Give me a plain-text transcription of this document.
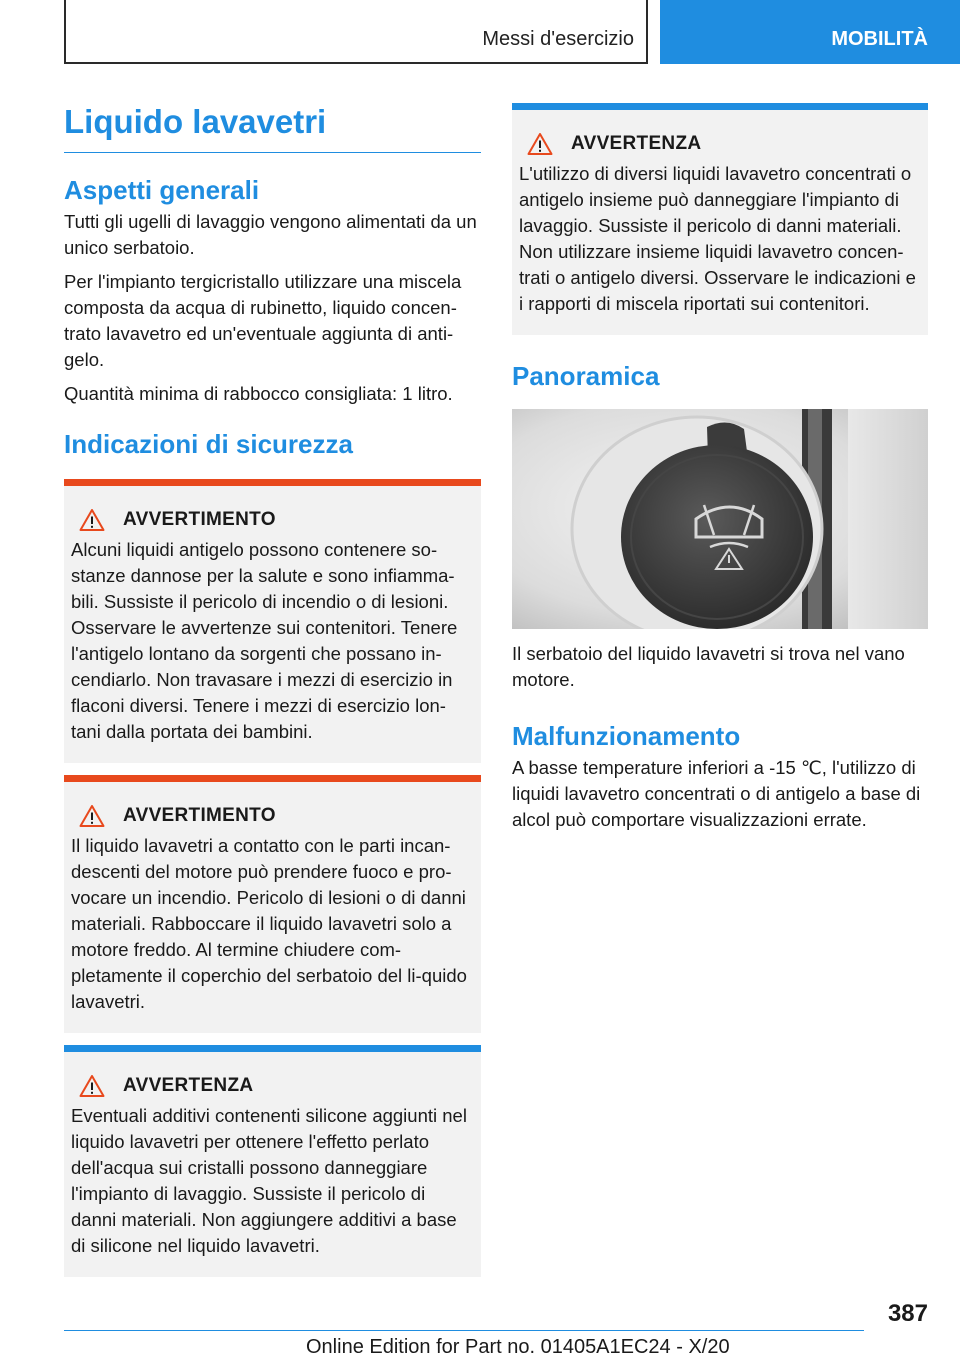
Messi d'esercizio	MOBILITÀ
Liquido lavavetri
Aspetti generali

Tutti gli ugelli di lavaggio vengono alimentati da un unico serbatoio.

Per l'impianto tergicristallo utilizzare una miscela composta da acqua di rubinetto, liquido concen-trato lavavetro ed un'eventuale aggiunta di anti-gelo.

Quantità minima di rabbocco consigliata: 1 litro.

Indicazioni di sicurezza
AVVERTIMENTO

Alcuni liquidi antigelo possono contenere so-stanze dannose per la salute e sono infiamma-bili. Sussiste il pericolo di incendio o di lesioni. Osservare le avvertenze sui contenitori. Tenere l'antigelo lontano da sorgenti che possano in-cendiarlo. Non travasare i mezzi di esercizio in flaconi diversi. Tenere i mezzi di esercizio lon-tani dalla portata dei bambini.

AVVERTIMENTO

Il liquido lavavetri a contatto con le parti incan-descenti del motore può prendere fuoco e pro-vocare un incendio. Pericolo di lesioni o di danni materiali. Rabboccare il liquido lavavetri solo a motore freddo. Al termine chiudere com-pletamente il coperchio del serbatoio del li-quido lavavetri.

AVVERTENZA

Eventuali additivi contenenti silicone aggiunti nel liquido lavavetri per ottenere l'effetto perlato dell'acqua sui cristalli possono danneggiare l'impianto di lavaggio. Sussiste il pericolo di danni materiali. Non aggiungere additivi a base di silicone nel liquido lavavetri.

AVVERTENZA

L'utilizzo di diversi liquidi lavavetro concentrati o antigelo insieme può danneggiare l'impianto di lavaggio. Sussiste il pericolo di danni materiali. Non utilizzare insieme liquidi lavavetro concen-trati o antigelo diversi. Osservare le indicazioni e i rapporti di miscela riportati sui contenitori.

Panoramica

Il serbatoio del liquido lavavetri si trova nel vano motore.

Malfunzionamento

A basse temperature inferiori a -15 ℃, l'utilizzo di liquidi lavavetro concentrati o di antigelo a base di alcol può comportare visualizzazioni errate.

387
Online Edition for Part no. 01405A1EC24 - X/20
